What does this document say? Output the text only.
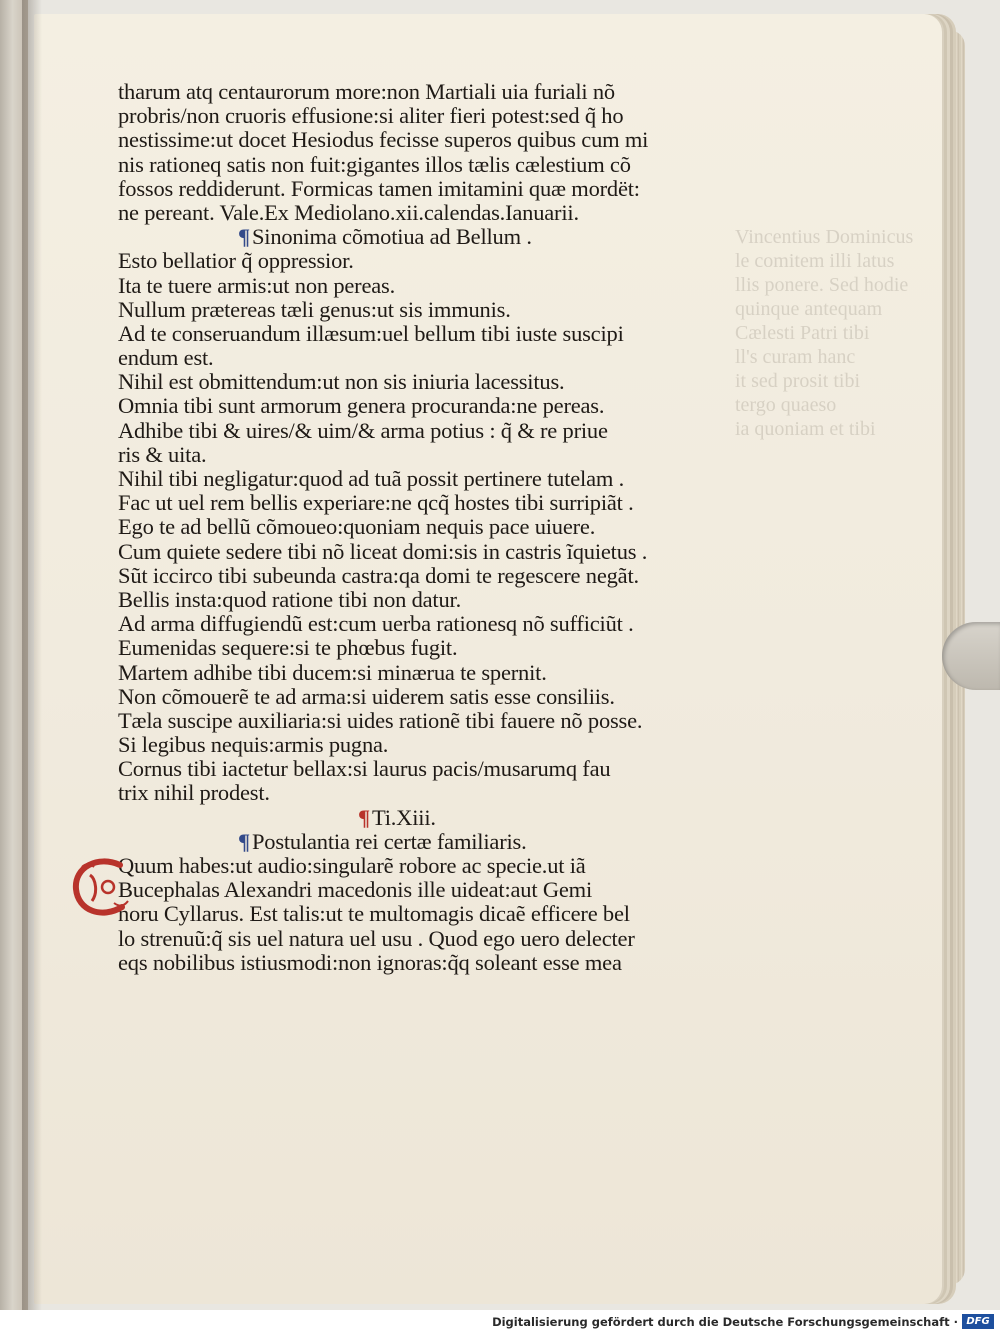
Vincentius Dominicus
le comitem illi latus
llis ponere. Sed hodie
quinque antequam
Cælesti Patri tibi
ll's curam hanc
it sed prosit tibi
tergo quaeso
ia quoniam et tibi
tharum atq centaurorum more:non Martiali uia furiali nõ
probris/non cruoris effusione:si aliter fieri potest:sed q̃ ho
nestissime:ut docet Hesiodus fecisse superos quibus cum mi
nis rationeq satis non fuit:gigantes illos tælis cælestium cõ
fossos reddiderunt. Formicas tamen imitamini quæ mordët:
ne pereant. Vale.Ex Mediolano.xii.calendas.Ianuarii.
¶Sinonima cõmotiua ad Bellum .
Esto bellatior q̃ oppressior.
Ita te tuere armis:ut non pereas.
Nullum prætereas tæli genus:ut sis immunis.
Ad te conseruandum illæsum:uel bellum tibi iuste suscipi
endum est.
Nihil est obmittendum:ut non sis iniuria lacessitus.
Omnia tibi sunt armorum genera procuranda:ne pereas.
Adhibe tibi & uires/& uim/& arma potius : q̃ & re priue
ris & uita.
Nihil tibi negligatur:quod ad tuã possit pertinere tutelam .
Fac ut uel rem bellis experiare:ne qcq̃ hostes tibi surripiãt .
Ego te ad bellũ cõmoueo:quoniam nequis pace uiuere.
Cum quiete sedere tibi nõ liceat domi:sis in castris ĩquietus .
Sũt iccirco tibi subeunda castra:qa domi te regescere negãt.
Bellis insta:quod ratione tibi non datur.
Ad arma diffugiendũ est:cum uerba rationesq nõ sufficiũt .
Eumenidas sequere:si te phœbus fugit.
Martem adhibe tibi ducem:si minærua te spernit.
Non cõmouerẽ te ad arma:si uiderem satis esse consiliis.
Tæla suscipe auxiliaria:si uides rationẽ tibi fauere nõ posse.
Si legibus nequis:armis pugna.
Cornus tibi iactetur bellax:si laurus pacis/musarumq fau
trix nihil prodest.
¶Ti.Xiii.
¶Postulantia rei certæ familiaris.
Quum habes:ut audio:singularẽ robore ac specie.ut iã
Bucephalas Alexandri macedonis ille uideat:aut Gemi
noru Cyllarus. Est talis:ut te multomagis dicaẽ efficere bel
lo strenuũ:q̃ sis uel natura uel usu . Quod ego uero delecter
eqs nobilibus istiusmodi:non ignoras:q̃q soleant esse mea
Digitalisierung gefördert durch die Deutsche Forschungsgemeinschaft · DFG
